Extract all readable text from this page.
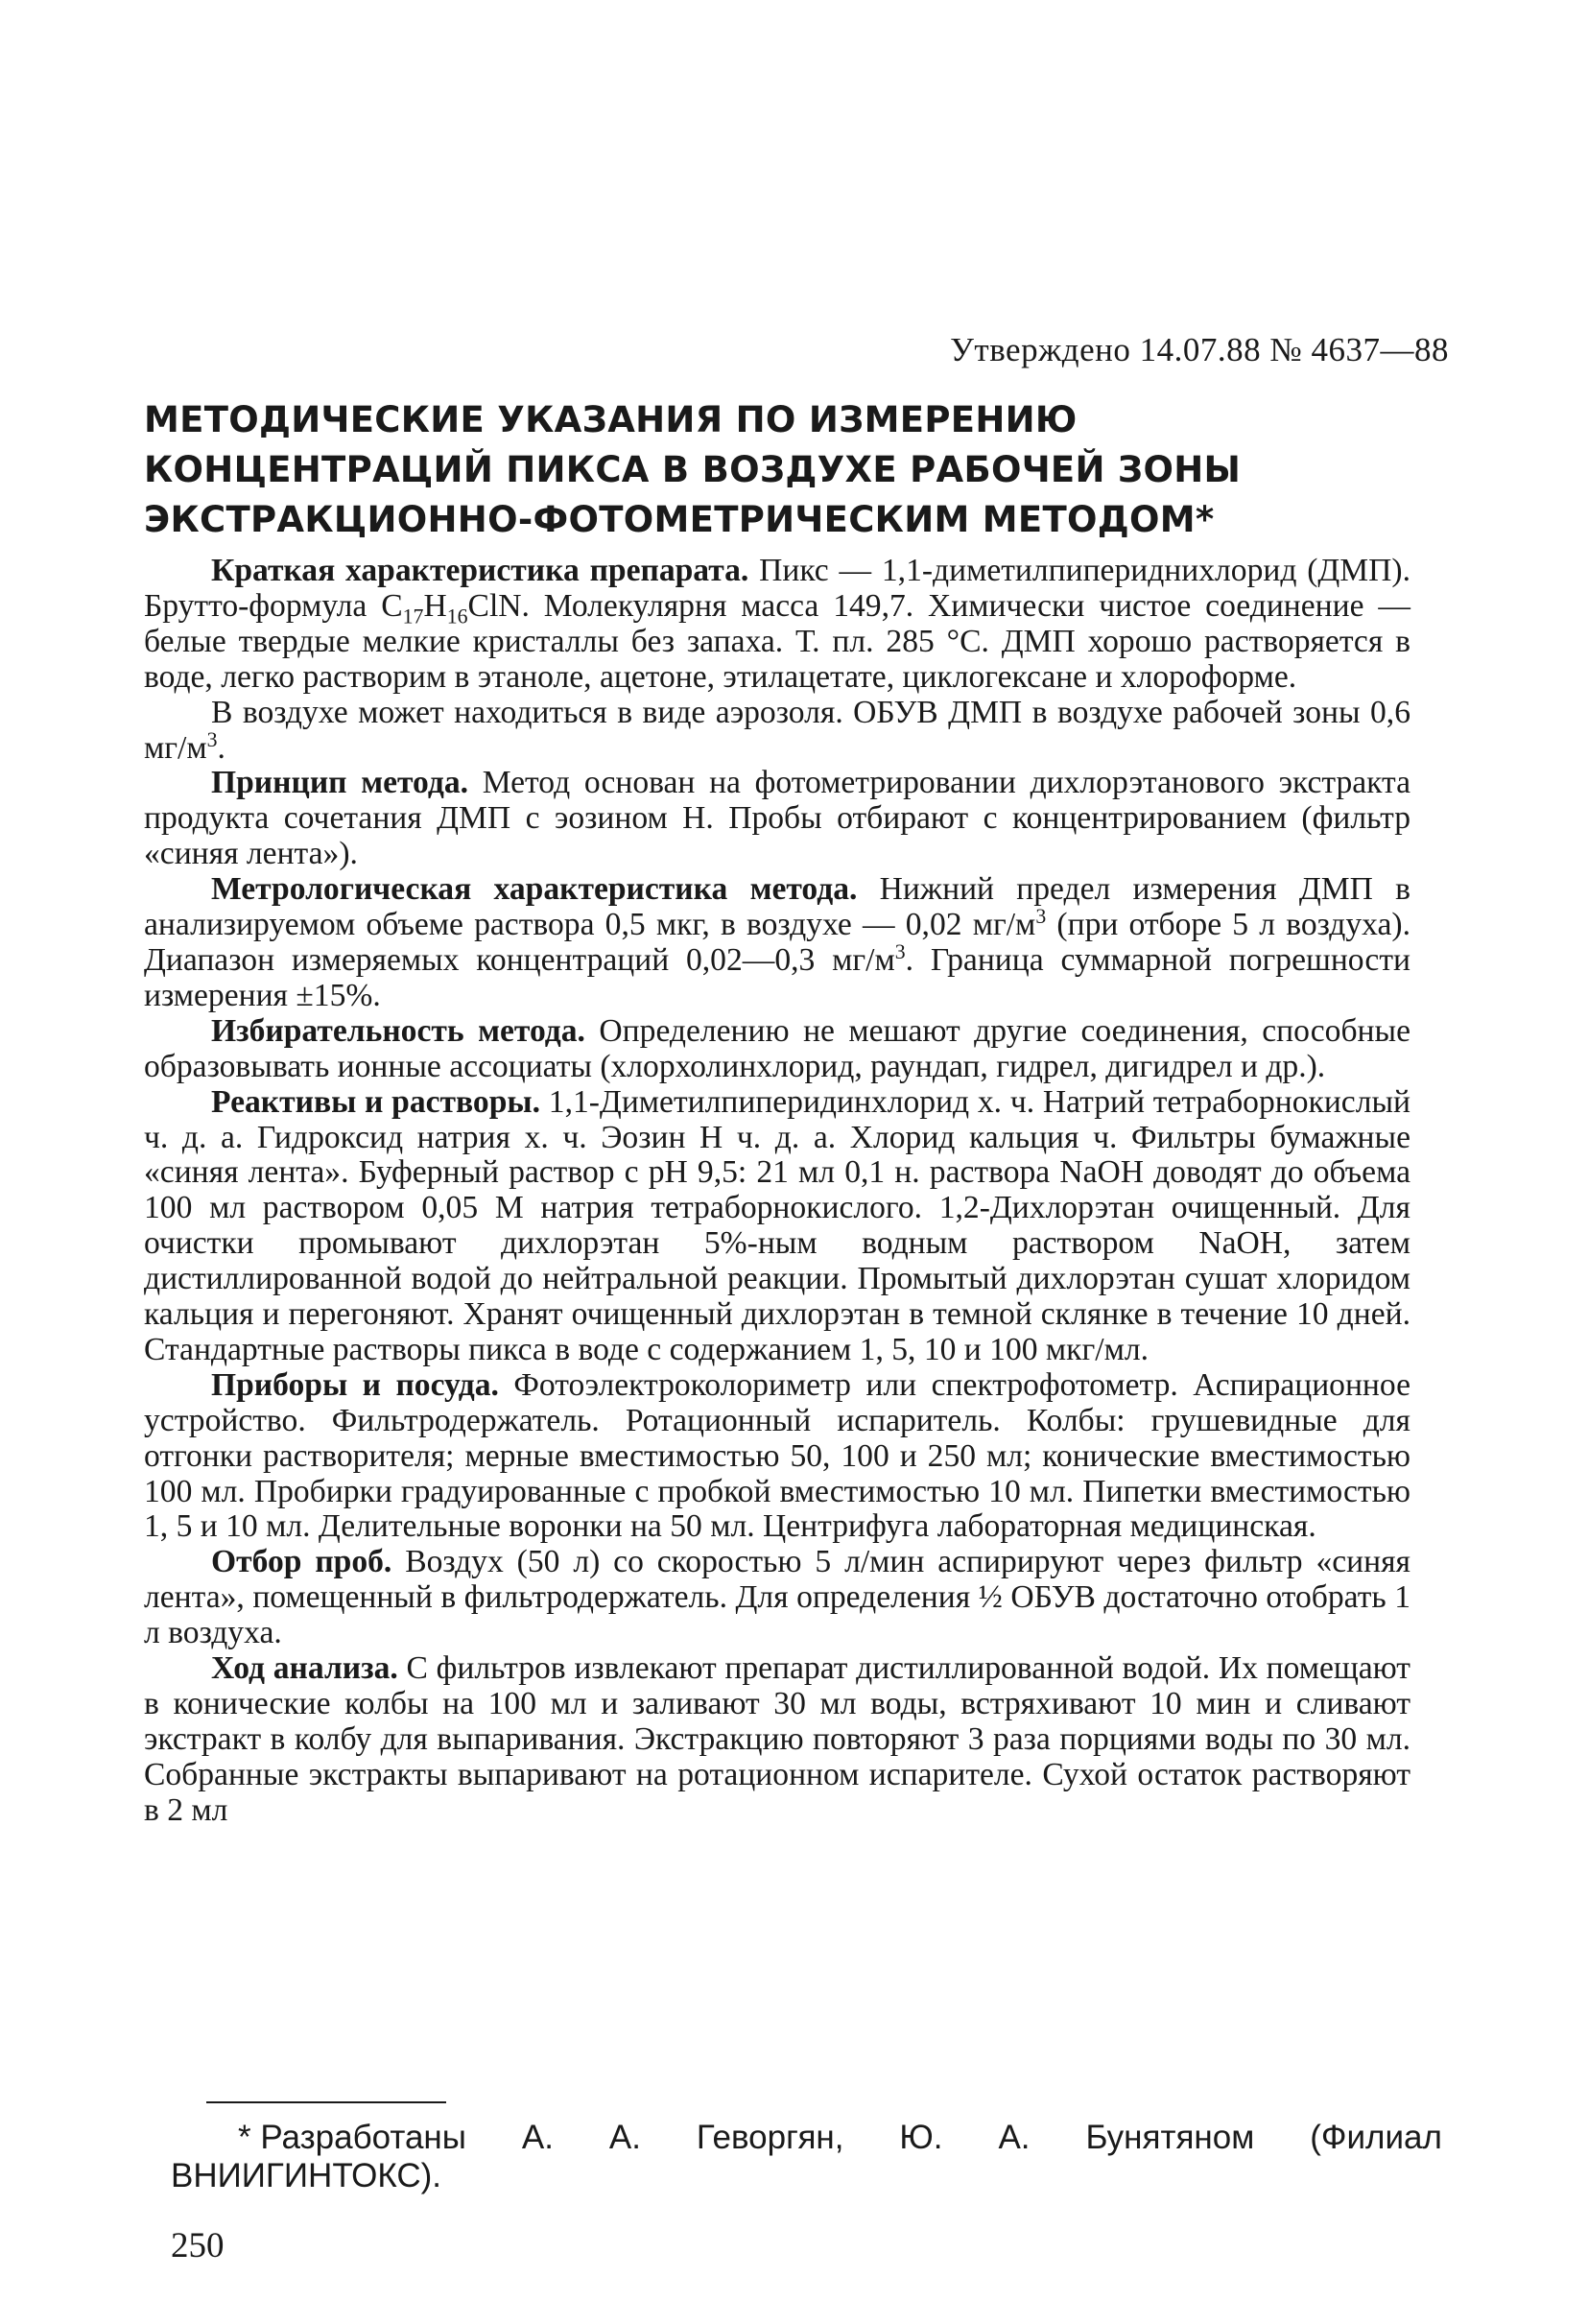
Утверждено 14.07.88 № 4637—88
МЕТОДИЧЕСКИЕ УКАЗАНИЯ ПО ИЗМЕРЕНИЮ
КОНЦЕНТРАЦИЙ ПИКСА В ВОЗДУХЕ РАБОЧЕЙ ЗОНЫ
ЭКСТРАКЦИОННО-ФОТОМЕТРИЧЕСКИМ МЕТОДОМ*

Краткая характеристика препарата. Пикс — 1,1-диметилпипериднихлорид (ДМП). Брутто-формула $С_{17}Н_{16}ClN$. Молекулярня масса 149,7. Химически чистое соединение — белые твердые мелкие кристаллы без запаха. Т. пл. 285 °С. ДМП хорошо растворяется в воде, легко растворим в этаноле, ацетоне, этилацетате, циклогексане и хлороформе.

В воздухе может находиться в виде аэрозоля. ОБУВ ДМП в воздухе рабочей зоны 0,6 $мг/м^3$.

Принцип метода. Метод основан на фотометрировании дихлорэтанового экстракта продукта сочетания ДМП с эозином Н. Пробы отбирают с концентрированием (фильтр «синяя лента»).

Метрологическая характеристика метода. Нижний предел измерения ДМП в анализируемом объеме раствора 0,5 мкг, в воздухе — 0,02 $мг/м^3$ (при отборе 5 л воздуха). Диапазон измеряемых концентраций 0,02—0,3 $мг/м^3$. Граница суммарной погрешности измерения ±15%.

Избирательность метода. Определению не мешают другие соединения, способные образовывать ионные ассоциаты (хлорхолинхлорид, раундап, гидрел, дигидрел и др.).

Реактивы и растворы. 1,1-Диметилпиперидинхлорид х. ч. Натрий тетраборнокислый ч. д. а. Гидроксид натрия х. ч. Эозин Н ч. д. а. Хлорид кальция ч. Фильтры бумажные «синяя лента». Буферный раствор с рН 9,5: 21 мл 0,1 н. раствора NaOH доводят до объема 100 мл раствором 0,05 М натрия тетраборнокислого. 1,2-Дихлорэтан очищенный. Для очистки промывают дихлорэтан 5%-ным водным раствором NaOH, затем дистиллированной водой до нейтральной реакции. Промытый дихлорэтан сушат хлоридом кальция и перегоняют. Хранят очищенный дихлорэтан в темной склянке в течение 10 дней. Стандартные растворы пикса в воде с содержанием 1, 5, 10 и 100 мкг/мл.

Приборы и посуда. Фотоэлектроколориметр или спектрофотометр. Аспирационное устройство. Фильтродержатель. Ротационный испаритель. Колбы: грушевидные для отгонки растворителя; мерные вместимостью 50, 100 и 250 мл; конические вместимостью 100 мл. Пробирки градуированные с пробкой вместимостью 10 мл. Пипетки вместимостью 1, 5 и 10 мл. Делительные воронки на 50 мл. Центрифуга лабораторная медицинская.

Отбор проб. Воздух (50 л) со скоростью 5 л/мин аспирируют через фильтр «синяя лента», помещенный в фильтродержатель. Для определения ½ ОБУВ достаточно отобрать 1 л воздуха.

Ход анализа. С фильтров извлекают препарат дистиллированной водой. Их помещают в конические колбы на 100 мл и заливают 30 мл воды, встряхивают 10 мин и сливают экстракт в колбу для выпаривания. Экстракцию повторяют 3 раза порциями воды по 30 мл. Собранные экстракты выпаривают на ротационном испарителе. Сухой остаток растворяют в 2 мл

* Разработаны А. А. Геворгян, Ю. А. Бунятяном (Филиал
ВНИИГИНТОКС).
250
